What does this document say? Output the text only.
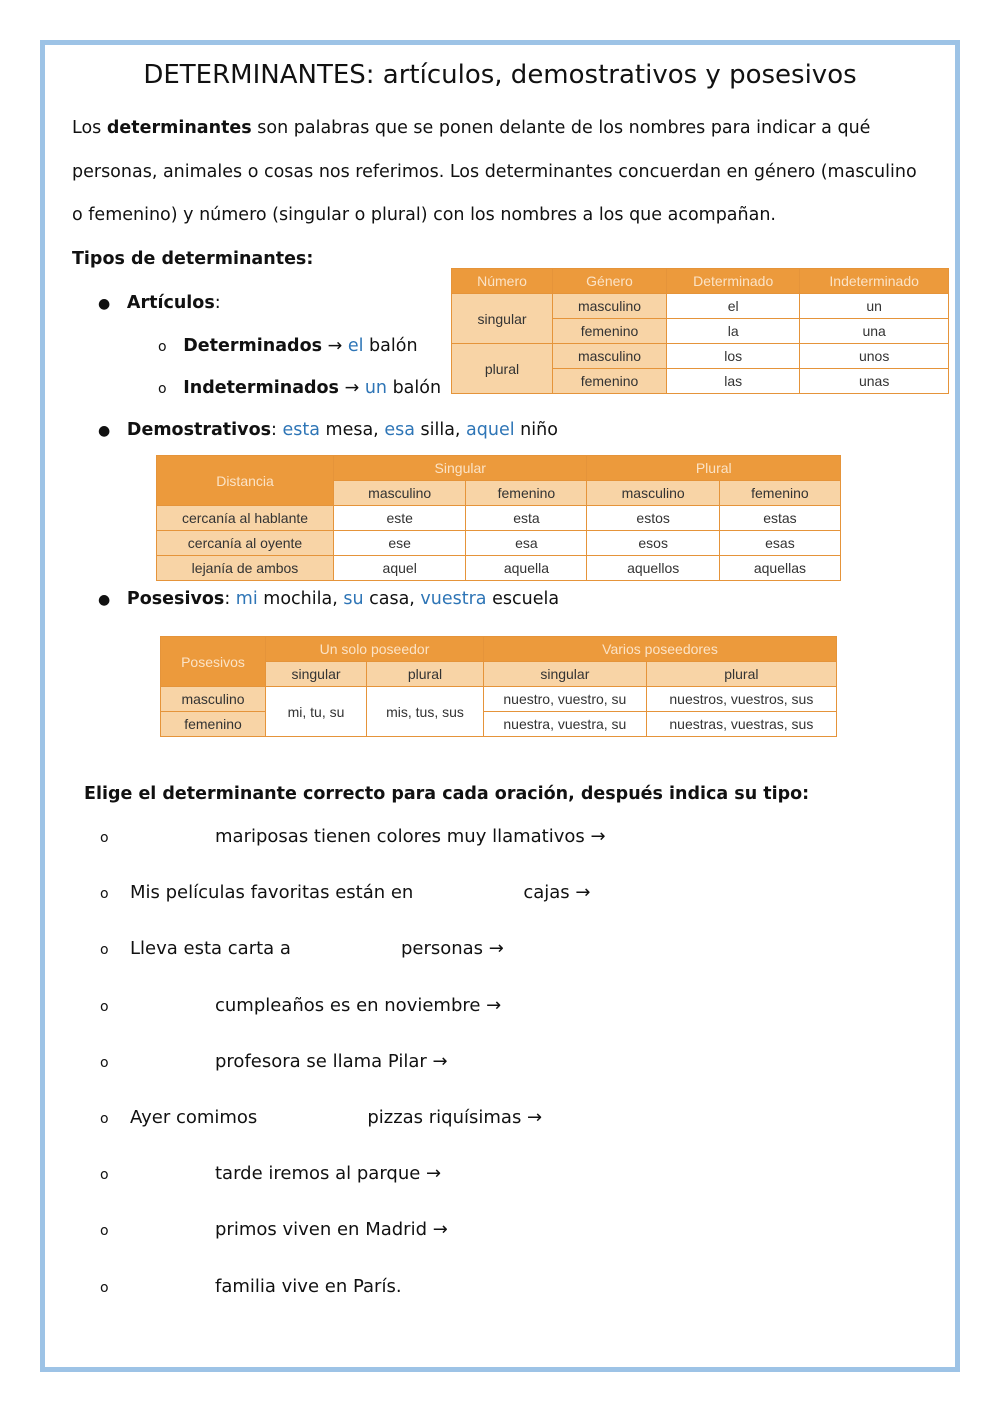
DETERMINANTES: artículos, demostrativos y posesivos
Los determinantes son palabras que se ponen delante de los nombres para indicar a qué
personas, animales o cosas nos referimos. Los determinantes concuerdan en género (masculino
o femenino) y número (singular o plural) con los nombres a los que acompañan.
Tipos de determinantes:
● Artículos:
o Determinados → el balón
o Indeterminados → un balón
Número	Género	Determinado	Indeterminado
singular	masculino	el	un
	femenino	la	una
plural	masculino	los	unos
	femenino	las	unas
● Demostrativos: esta mesa, esa silla, aquel niño
Distancia	Singular		Plural	
	masculino	femenino	masculino	femenino
cercanía al hablante	este	esta	estos	estas
cercanía al oyente	ese	esa	esos	esas
lejanía de ambos	aquel	aquella	aquellos	aquellas
● Posesivos: mi mochila, su casa, vuestra escuela
Posesivos	Un solo poseedor		Varios poseedores	
	singular	plural	singular	plural
masculino	mi, tu, su	mis, tus, sus	nuestro, vuestro, su	nuestros, vuestros, sus
femenino			nuestra, vuestra, su	nuestras, vuestras, sus
Elige el determinante correcto para cada oración, después indica su tipo:
o	mariposas tienen colores muy llamativos →
o Mis películas favoritas están en	cajas →
o Lleva esta carta a	personas →
o	cumpleaños es en noviembre →
o	profesora se llama Pilar →
o Ayer comimos	pizzas riquísimas →
o	tarde iremos al parque →
o	primos viven en Madrid →
o	familia vive en París.
